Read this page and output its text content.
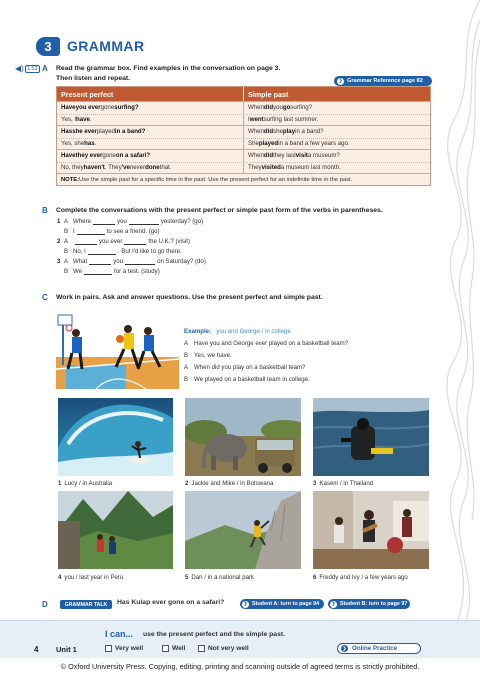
3	GRAMMAR
◀) 1.53 A Read the grammar box. Find examples in the conversation on page 3.
Then listen and repeat.	❯ Grammar Reference page 82
Present perfect	Simple past
Have you ever gone surfing?	When did you go surfing?
Yes, I have .	I went surfing last summer.
Has she ever played in a band?	When did she play in a band?
Yes, she has .	She played in a band a few years ago.
Have they ever gone on a safari?	When did they last visit a museum?
No, they haven't . They 've never done that.	They visited a museum last month.
NOTE: Use the simple past for a specific time in the past. Use the present perfect for an indefinite time in the past.
B Complete the conversations with the present perfect or simple past form of the verbs in parentheses.
1 A Where	you	yesterday? (go)
B I	to see a friend. (go)
2 A	you ever	the U.K.? (visit)
B No, I	. But I'd like to go there.
3 A What	you	on Saturday? (do)
B We	for a test. (study)
C Work in pairs. Ask and answer questions. Use the present perfect and simple past.
Example: you and George / in college
A Have you and George ever played on a basketball team?
B Yes, we have.
A When did you play on a basketball team?
B We played on a basketball team in college.
1 Lucy / in Australia	2 Jackie and Mike / in Botswana	3 Kasem / in Thailand
4 you / last year in Peru	5 Dan / in a national park	6 Freddy and Ivy / a few years ago
D	GRAMMAR TALK	Has Kulap ever gone on a safari?	❯ Student A: turn to page 94 ❯ Student B: turn to page 97
4 Unit 1
I can... use the present perfect and the simple past.
Very well	Well	Not very well	❯ Online Practice
© Oxford University Press. Copying, editing, printing and scanning outside of agreed terms is strictly prohibited.
